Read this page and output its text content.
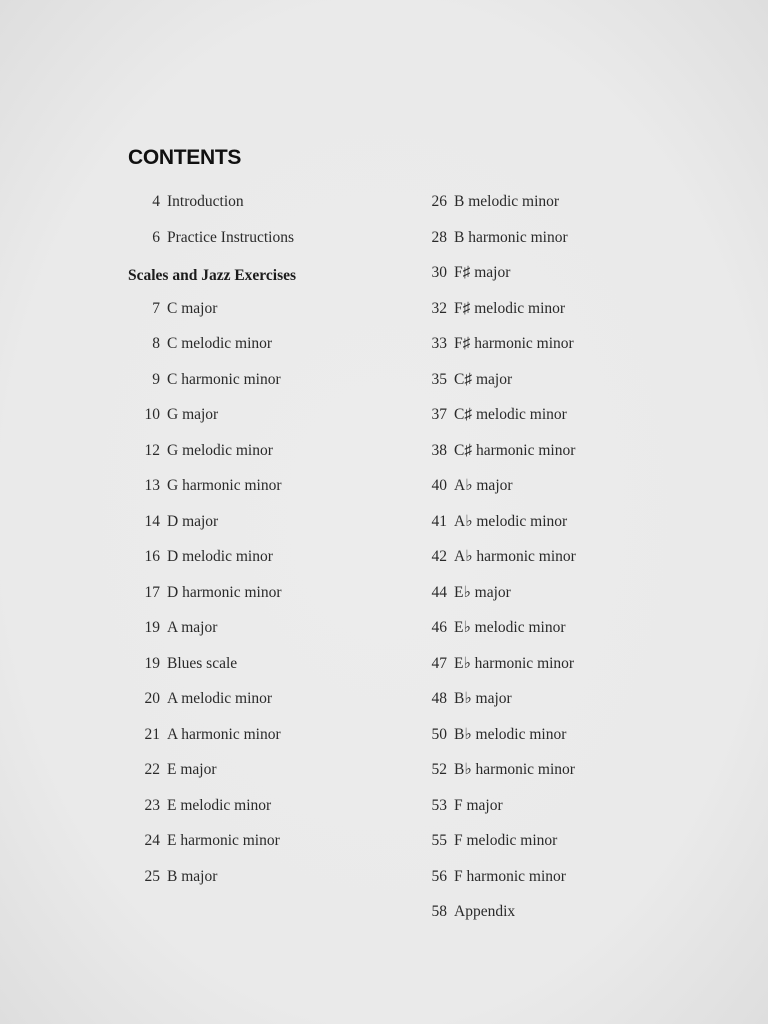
CONTENTS
4 Introduction
6 Practice Instructions
Scales and Jazz Exercises
7 C major
8 C melodic minor
9 C harmonic minor
10 G major
12 G melodic minor
13 G harmonic minor
14 D major
16 D melodic minor
17 D harmonic minor
19 A major
19 Blues scale
20 A melodic minor
21 A harmonic minor
22 E major
23 E melodic minor
24 E harmonic minor
25 B major
26 B melodic minor
28 B harmonic minor
30 F♯ major
32 F♯ melodic minor
33 F♯ harmonic minor
35 C♯ major
37 C♯ melodic minor
38 C♯ harmonic minor
40 A♭ major
41 A♭ melodic minor
42 A♭ harmonic minor
44 E♭ major
46 E♭ melodic minor
47 E♭ harmonic minor
48 B♭ major
50 B♭ melodic minor
52 B♭ harmonic minor
53 F major
55 F melodic minor
56 F harmonic minor
58 Appendix
